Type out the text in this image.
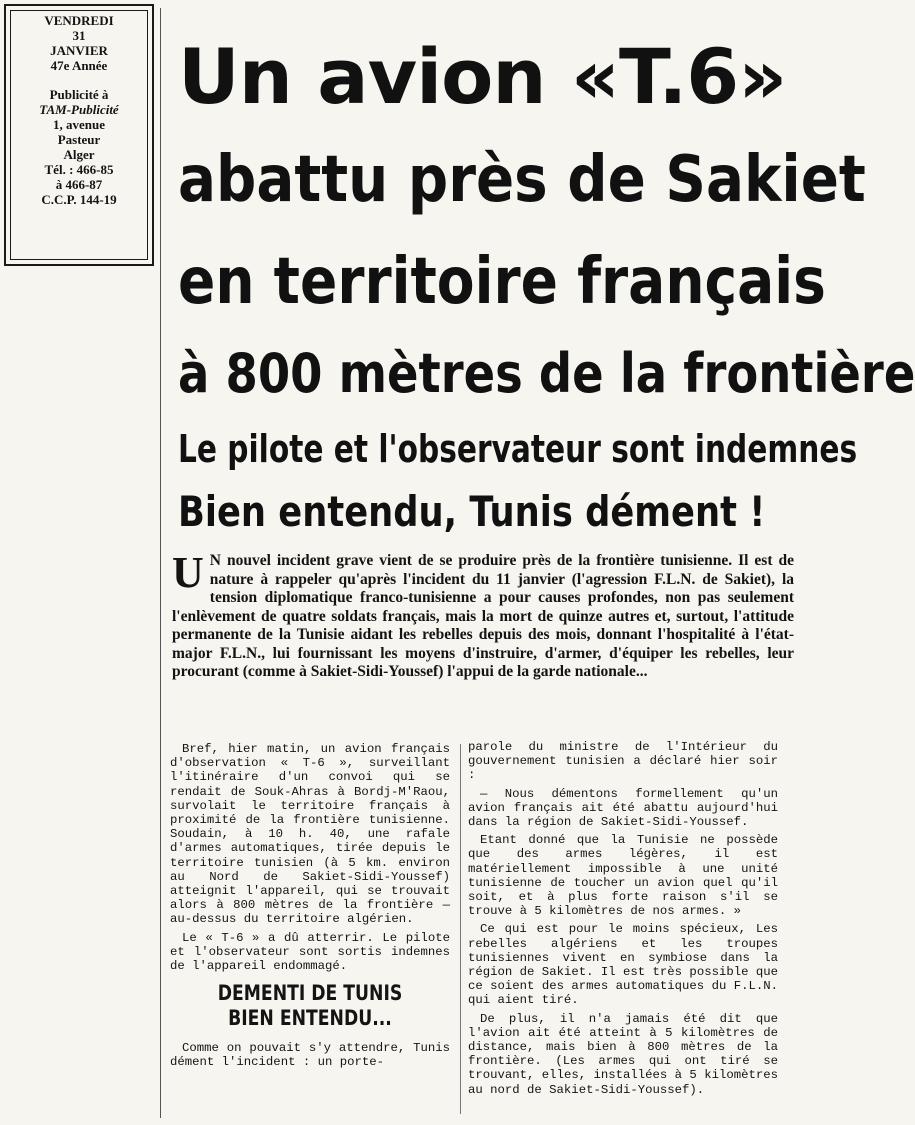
VENDREDI
31
JANVIER
47e Année
Publicité à
TAM-Publicité
1, avenue
Pasteur
Alger
Tél. : 466-85
à 466-87
C.C.P. 144-19
Un avion «T.6»
abattu près de Sakiet
en territoire français
à 800 mètres de la frontière
Le pilote et l'observateur sont indemnes
Bien entendu, Tunis dément !

U N nouvel incident grave vient de se produire près de la frontière tunisienne. Il est de nature à rappeler qu'après l'incident du 11 janvier (l'agression F.L.N. de Sakiet), la tension diplomatique franco-tunisienne a pour causes profondes, non pas seulement l'enlèvement de quatre soldats français, mais la mort de quinze autres et, surtout, l'attitude permanente de la Tunisie aidant les rebelles depuis des mois, donnant l'hospitalité à l'état-major F.L.N., lui fournissant les moyens d'instruire, d'armer, d'équiper les rebelles, leur procurant (comme à Sakiet-Sidi-Youssef) l'appui de la garde nationale...

Bref, hier matin, un avion français d'observation « T-6 », surveillant l'itinéraire d'un convoi qui se rendait de Souk-Ahras à Bordj-M'Raou, survolait le territoire français à proximité de la frontière tunisienne. Soudain, à 10 h. 40, une rafale d'armes automatiques, tirée depuis le territoire tunisien (à 5 km. environ au Nord de Sakiet-Sidi-Youssef) atteignit l'appareil, qui se trouvait alors à 800 mètres de la frontière — au-dessus du territoire algérien.

Le « T-6 » a dû atterrir. Le pilote et l'observateur sont sortis indemnes de l'appareil endommagé.

DEMENTI DE TUNIS
BIEN ENTENDU...

Comme on pouvait s'y attendre, Tunis dément l'incident : un porte-

parole du ministre de l'Intérieur du gouvernement tunisien a déclaré hier soir :

— Nous démentons formellement qu'un avion français ait été abattu aujourd'hui dans la région de Sakiet-Sidi-Youssef.

Etant donné que la Tunisie ne possède que des armes légères, il est matériellement impossible à une unité tunisienne de toucher un avion quel qu'il soit, et à plus forte raison s'il se trouve à 5 kilomètres de nos armes. »

Ce qui est pour le moins spécieux, Les rebelles algériens et les troupes tunisiennes vivent en symbiose dans la région de Sakiet. Il est très possible que ce soient des armes automatiques du F.L.N. qui aient tiré.

De plus, il n'a jamais été dit que l'avion ait été atteint à 5 kilomètres de distance, mais bien à 800 mètres de la frontière. (Les armes qui ont tiré se trouvant, elles, installées à 5 kilomètres au nord de Sakiet-Sidi-Youssef).
